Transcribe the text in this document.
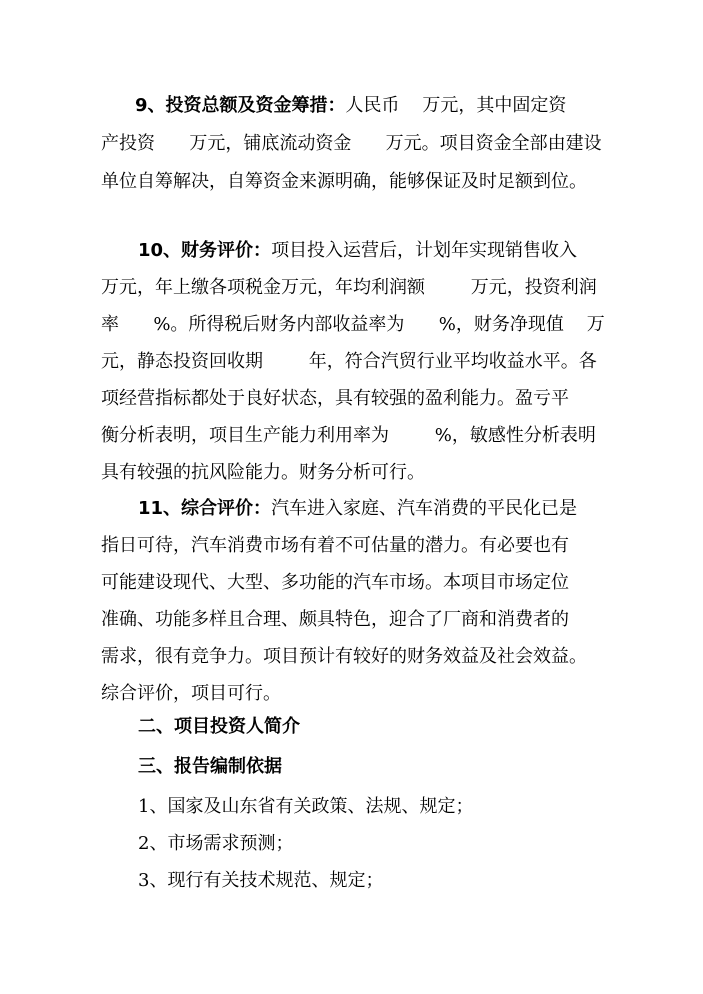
9、投资总额及资金筹措：人民币    万元，其中固定资
产投资      万元，铺底流动资金      万元。项目资金全部由建设
单位自筹解决，自筹资金来源明确，能够保证及时足额到位。
10、财务评价：项目投入运营后，计划年实现销售收入
万元，年上缴各项税金万元，年均利润额        万元，投资利润
率      %。所得税后财务内部收益率为      %，财务净现值    万
元，静态投资回收期        年，符合汽贸行业平均收益水平。各
项经营指标都处于良好状态，具有较强的盈利能力。盈亏平
衡分析表明，项目生产能力利用率为        %，敏感性分析表明
具有较强的抗风险能力。财务分析可行。
11、综合评价：汽车进入家庭、汽车消费的平民化已是
指日可待，汽车消费市场有着不可估量的潜力。有必要也有
可能建设现代、大型、多功能的汽车市场。本项目市场定位
准确、功能多样且合理、颇具特色，迎合了厂商和消费者的
需求，很有竞争力。项目预计有较好的财务效益及社会效益。
综合评价，项目可行。
二、项目投资人简介
三、报告编制依据
1、国家及山东省有关政策、法规、规定；
2、市场需求预测；
3、现行有关技术规范、规定；
